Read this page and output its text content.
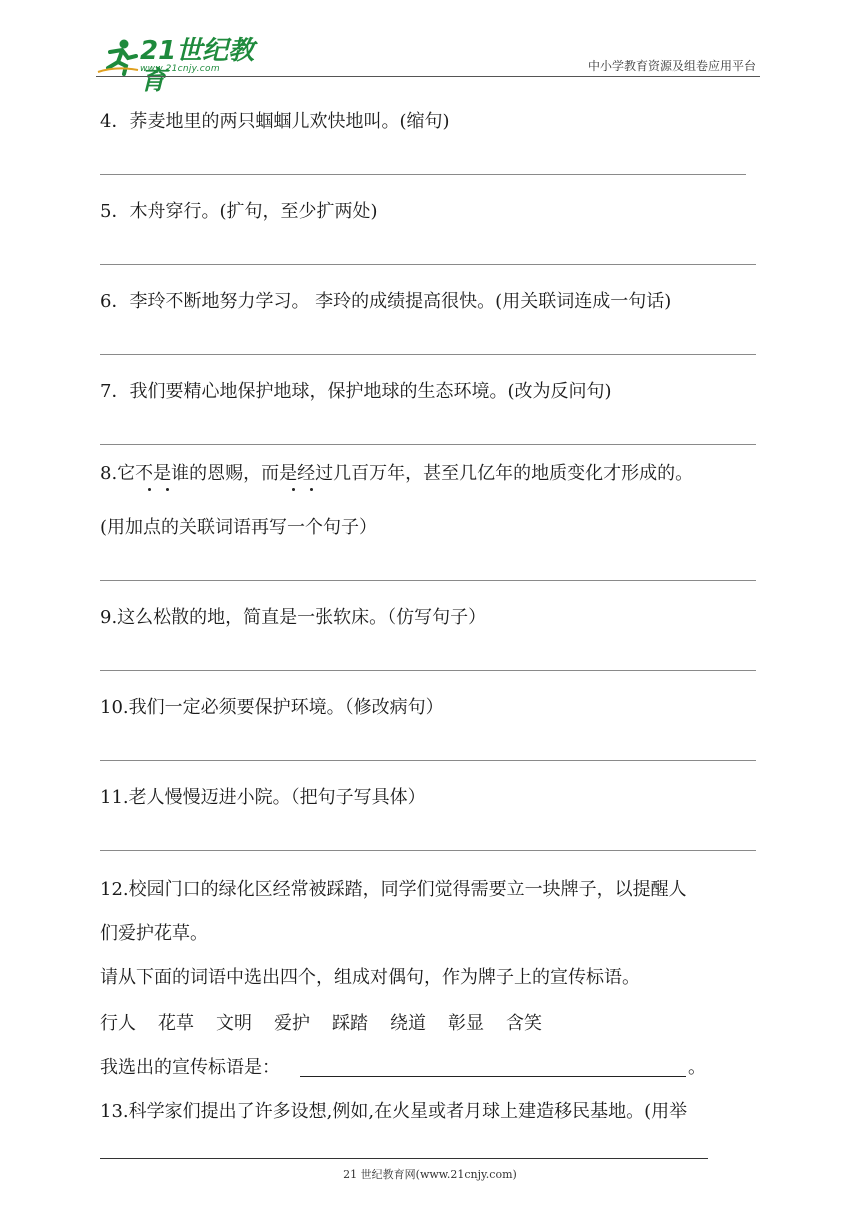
21世纪教育
www.21cnjy.com	中小学教育资源及组卷应用平台
4．荞麦地里的两只蝈蝈儿欢快地叫。(缩句)
5．木舟穿行。(扩句，至少扩两处)
6．李玲不断地努力学习。 李玲的成绩提高很快。(用关联词连成一句话)
7．我们要精心地保护地球，保护地球的生态环境。(改为反问句)
8.它不是谁的恩赐，而是经过几百万年，甚至几亿年的地质变化才形成的。
(用加点的关联词语再写一个句子）
9.这么松散的地，简直是一张软床。（仿写句子）
10.我们一定必须要保护环境。（修改病句）
11.老人慢慢迈进小院。（把句子写具体）
12.校园门口的绿化区经常被踩踏，同学们觉得需要立一块牌子，以提醒人
们爱护花草。
请从下面的词语中选出四个，组成对偶句，作为牌子上的宣传标语。
行人 花草 文明 爱护 踩踏 绕道 彰显 含笑
我选出的宣传标语是：	。
13.科学家们提出了许多设想,例如,在火星或者月球上建造移民基地。(用举
21 世纪教育网(www.21cnjy.com)
